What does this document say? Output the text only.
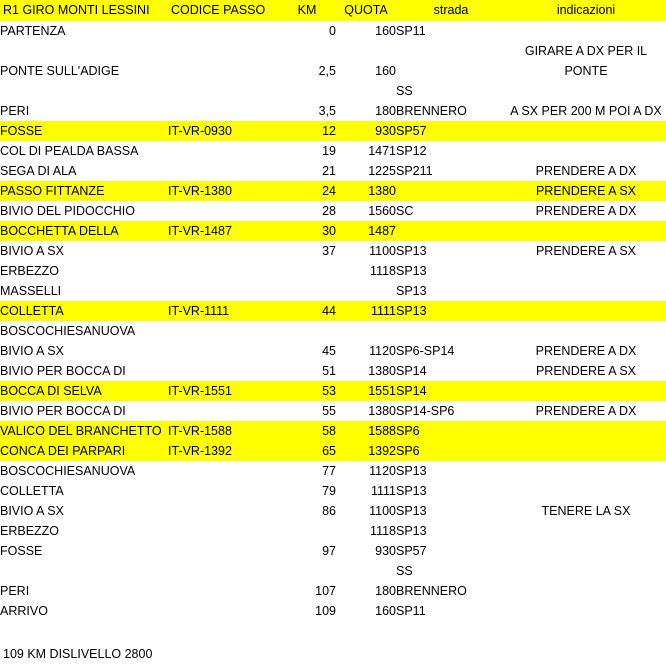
R1 GIRO MONTI LESSINI	CODICE PASSO	KM	QUOTA	strada	indicazioni
PARTENZA		0	160	SP11	
					GIRARE A DX PER IL
PONTE SULL'ADIGE		2,5	160		PONTE
				SS	
PERI		3,5	180	BRENNERO	A SX PER 200 M POI A DX
FOSSE	IT-VR-0930	12	930	SP57	
COL DI PEALDA BASSA		19	1471	SP12	
SEGA DI ALA		21	1225	SP211	PRENDERE A DX
PASSO FITTANZE	IT-VR-1380	24	1380		PRENDERE A SX
BIVIO DEL PIDOCCHIO		28	1560	SC	PRENDERE A DX
BOCCHETTA DELLA	IT-VR-1487	30	1487		
BIVIO A SX		37	1100	SP13	PRENDERE A SX
ERBEZZO			1118	SP13	
MASSELLI				SP13	
COLLETTA	IT-VR-1111	44	1111	SP13	
BOSCOCHIESANUOVA					
BIVIO A SX		45	1120	SP6-SP14	PRENDERE A DX
BIVIO PER BOCCA DI		51	1380	SP14	PRENDERE A SX
BOCCA DI SELVA	IT-VR-1551	53	1551	SP14	
BIVIO PER BOCCA DI		55	1380	SP14-SP6	PRENDERE A DX
VALICO DEL BRANCHETTO	IT-VR-1588	58	1588	SP6	
CONCA DEI PARPARI	IT-VR-1392	65	1392	SP6	
BOSCOCHIESANUOVA		77	1120	SP13	
COLLETTA		79	1111	SP13	
BIVIO A SX		86	1100	SP13	TENERE LA SX
ERBEZZO			1118	SP13	
FOSSE		97	930	SP57	
				SS	
PERI		107	180	BRENNERO	
ARRIVO		109	160	SP11	
109 KM DISLIVELLO 2800
